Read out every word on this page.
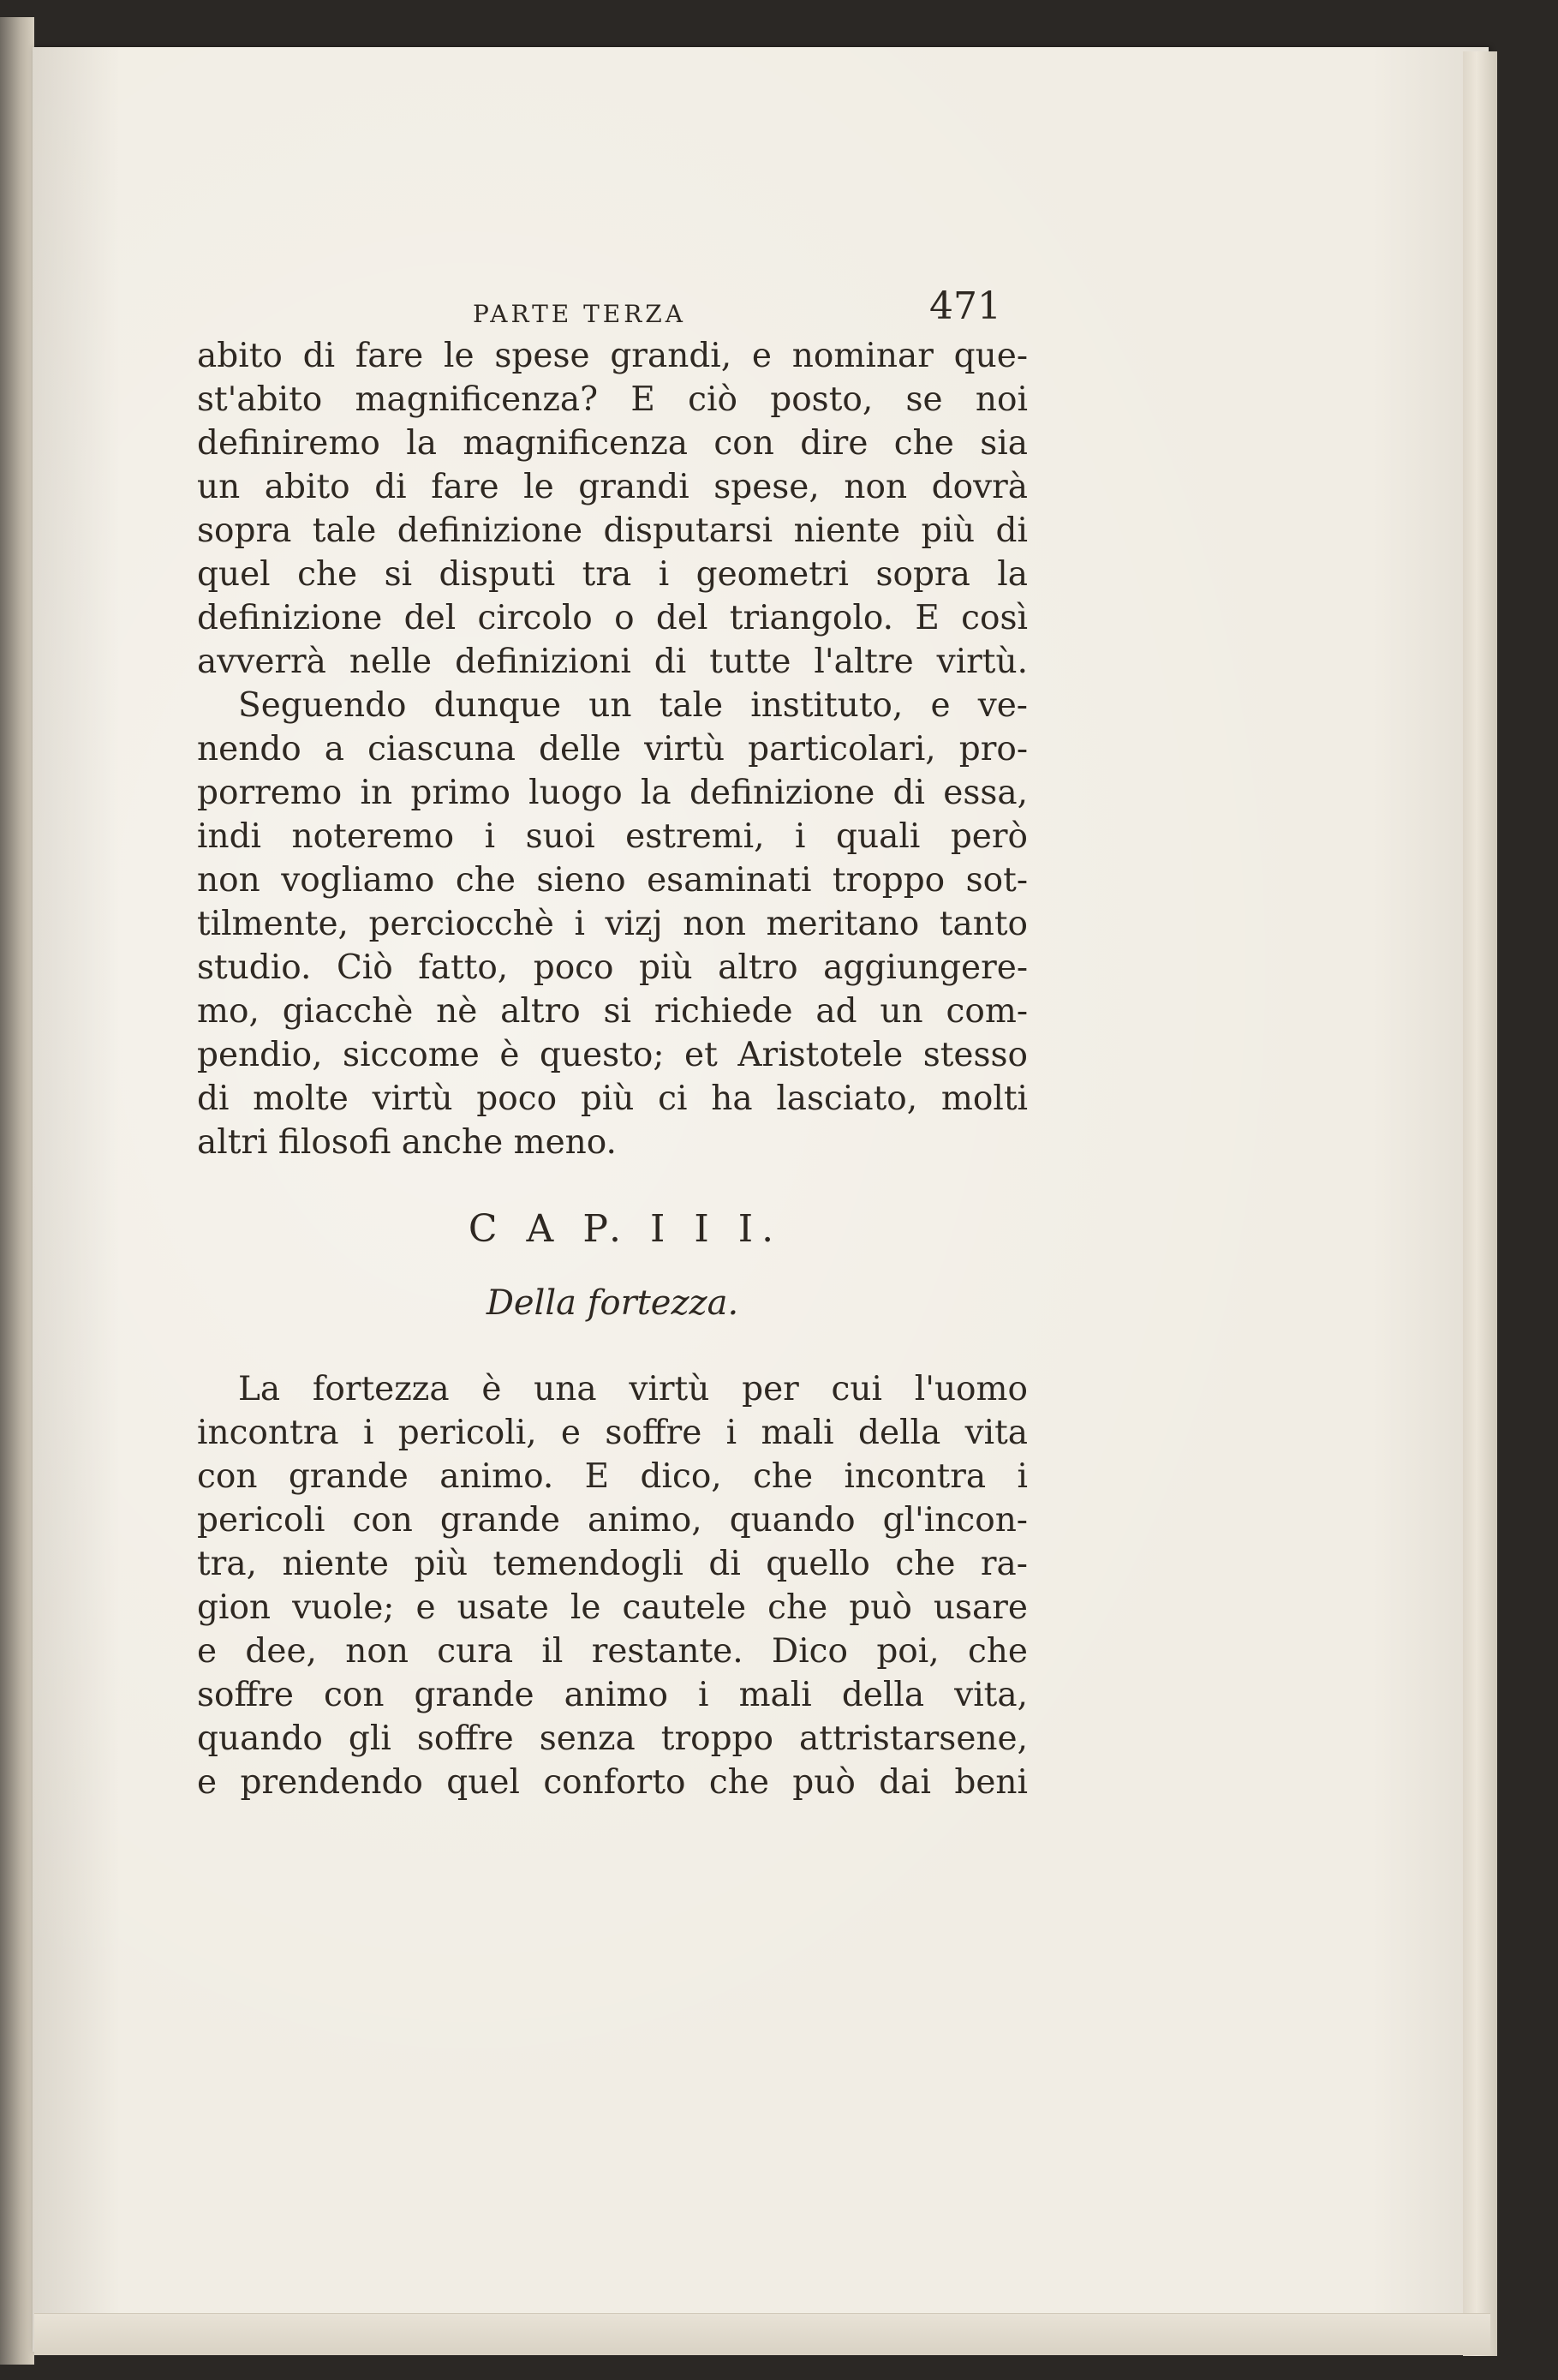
PARTE TERZA	471

abito di fare le spese grandi, e nominar que-
st'abito magnificenza? E ciò posto, se noi
definiremo la magnificenza con dire che sia
un abito di fare le grandi spese, non dovrà
sopra tale definizione disputarsi niente più di
quel che si disputi tra i geometri sopra la
definizione del circolo o del triangolo. E così
avverrà nelle definizioni di tutte l'altre virtù.

Seguendo dunque un tale instituto, e ve-
nendo a ciascuna delle virtù particolari, pro-
porremo in primo luogo la definizione di essa,
indi noteremo i suoi estremi, i quali però
non vogliamo che sieno esaminati troppo sot-
tilmente, perciocchè i vizj non meritano tanto
studio. Ciò fatto, poco più altro aggiungere-
mo, giacchè nè altro si richiede ad un com-
pendio, siccome è questo; et Aristotele stesso
di molte virtù poco più ci ha lasciato, molti
altri filosofi anche meno.

C A P. I I I.
Della fortezza.

La fortezza è una virtù per cui l'uomo
incontra i pericoli, e soffre i mali della vita
con grande animo. E dico, che incontra i
pericoli con grande animo, quando gl'incon-
tra, niente più temendogli di quello che ra-
gion vuole; e usate le cautele che può usare
e dee, non cura il restante. Dico poi, che
soffre con grande animo i mali della vita,
quando gli soffre senza troppo attristarsene,
e prendendo quel conforto che può dai beni
